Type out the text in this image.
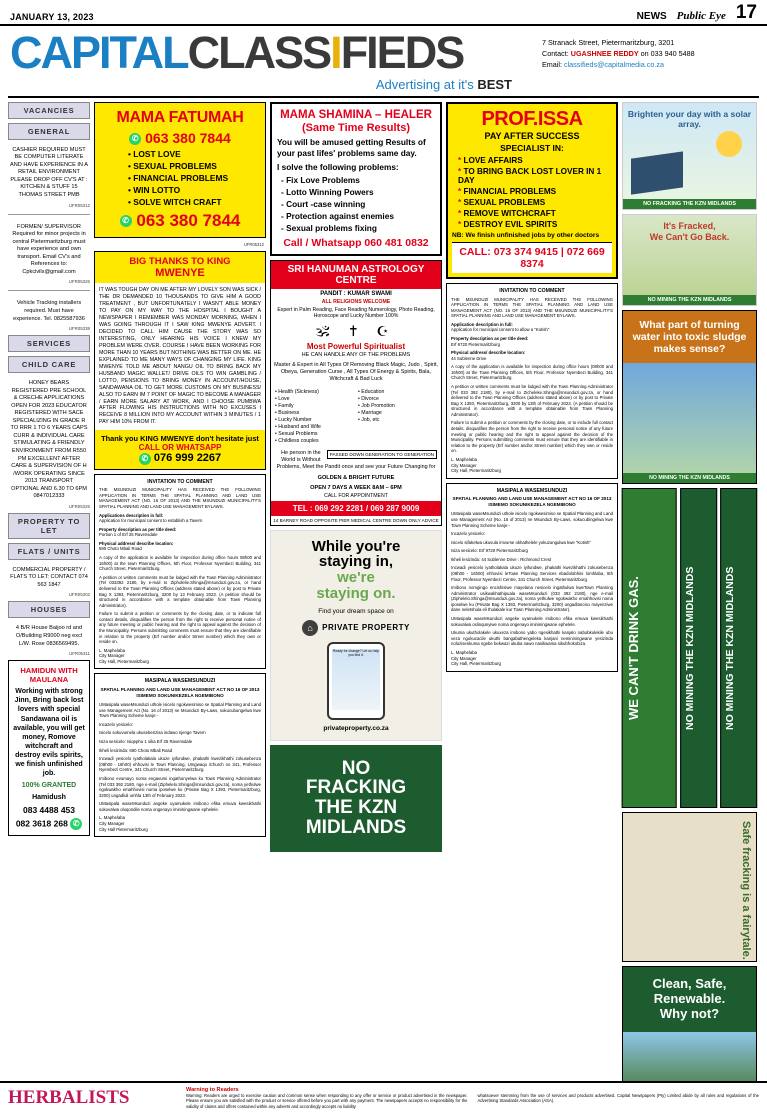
JANUARY 13, 2023	NEWS Public Eye 17
CAPITALCLASSIFIEDS
Advertising at it's BEST
7 Stranack Street, Pietermaritzburg, 3201
Contact: UGASHNEE REDDY on 033 940 5488
Email: classifieds@capitalmedia.co.za
VACANCIES
GENERAL
CASHIER REQUIRED MUST BE COMPUTER LITERATE AND HAVE EXPERIENCE IN A RETAIL ENVIRONMENT PLEASE DROP OFF CV'S AT : KITCHEN & STUFF 15 THOMAS STREET PMB
UFR05312
FORMEN/ SUPERVISOR Required for minor projects in central Pietermaritzburg must have experience and own transport. Email CV's and References to: Cpkcivils@gmail.com
UFR05326
Vehicle Tracking installers required. Must have experience. Tel. 0825587936
UFR05338
SERVICES
CHILD CARE
HONEY BEARS REGISTERED PRE SCHOOL & CRECHE APPLICATIONS OPEN FOR 2023 EDUCATOR REGISTERED WITH SACE SPECIALIZING IN GRADE R TO RRR 1 TO 6 YEARS CAPS CURR & INDIVIDUAL CARE STIMULATING & FRIENDLY ENVIRONMENT FROM R550 PM EXCELLENT AFTER CARE & SUPERVISION OF H /WORK OPERATING SINCE 2013 TRANSPORT OPTIONAL AND 6.30 TO 6PM 0847012333
UFR05325
PROPERTY TO LET
FLATS / UNITS
COMMERCIAL PROPERTY / FLATS TO LET: CONTACT 074 563 1847
UFR05302
HOUSES
4 B/R House Baijoo rd and O/Building R9000 neg excl L/W. Rose 0836569495.
UFR05311
HAMIDUN WITH MAULANA

Working with strong Jinn, Bring back lost lovers with special Sandawana oil is available, you will get money, Romove witchcraft and destroy evils spirits, we finish unfinished job.

100% GRANTED

Hamidush

083 4488 453
082 3618 268 ✆
MAMA FATUMAH
✆ 063 380 7844
• LOST LOVE
• SEXUAL PROBLEMS
• FINANCIAL PROBLEMS
• WIN LOTTO
• SOLVE WITCH CRAFT
✆ 063 380 7844
UFR05312
BIG THANKS TO KING
MWENYE
IT WAS TOUGH DAY ON ME AFTER MY LOVELY SON WAS SICK / THE DR DEMANDED 10 THOUSANDS TO GIVE HIM A GOOD TREATMENT , BUT UNFORTUNATELY I WASN'T ABLE MONEY TO PAY ON MY WAY TO THE HOSPITAL I BOUGHT A NEWSPAPER I REMEMBER WAS MONDAY MORNING, WHEN I WAS GOING THROUGH IT I SAW KING MWENYE ADVERT. I DECIDED TO CALL HIM CAUSE THE STORY WAS SO INTERESTING, ONLY HEARING HIS VOICE I KNEW MY PROBLEM WERE OVER. COURSE I HAVE BEEN WORKING FOR MORE THAN 10 YEARS BUT NOTHING WAS BETTER ON ME. HE EXPLAINED TO ME MANY WAYS OF CHANGING MY LIFE. KING MWENYE TOLD ME ABOUT NANGU OIL TO BRING BACK MY HUSBAND MAGIC WALLET/ DRIVE OILS TO WIN GAMBLING / LOTTO, PENSIONS TO BRING MONEY IN ACCOUNT/HOUSE, SANDAWANA OIL TO GET MORE CUSTOMS ON MY BUSINESS/ ALSO TO EARN IM 7 POINT OF MAGIC TO BECOME A MANAGER / EARN MORE SALARY AT WORK, AND I CHOOSE PUMBWA AFTER FLOWING HIS INSTRUCTIONS WITH NO EXCUSES I RECEIVE 8 MILLION INTO MY ACCOUNT WITHIN 3 MINUTES / 1 PAY HIM 10% FROM IT.
Thank you KING MWENYE don't hesitate just
CALL OR WHATSAPP
✆ 076 999 2267
INVITATION TO COMMENT

THE MSUNDUZI MUNICIPALITY HAS RECEIVED THE FOLLOWING APPLICATION IN TERMS THE SPATIAL PLANNING AND LAND USE MANAGEMENT ACT (NO. 16 OF 2013) AND THE MSUNDUZI MUNICIPALITY'S SPATIAL PLANNING AND LAND USE MANAGEMENT BYLAWS.

Applications description in full:
Application for municipal consent to establish a Tavern

Property description as per title deed:
Portion 1 of Erf 25 Ravensdale

Physical address/ describe location:
690 Choto Mbali Road

A copy of the application is available for inspection during office hours 08h00 and 16h00) at the town Planning Offices, 5th Floor, Professor Nyembezi Building, 341 Church Street, Pietermaritzburg.

A petition or written comments must be lodged with the Town Planning Administrator (Tel 033392 2180, by e-mail to Zipholelie.Shinga@msunduzi.gov.za, or hand delivered to the Town Planning Offices (address stated above) or by post to Private Bag X 1393, Pietermaritzburg, 3200 by 13 February 2023. (A petition should be structured in accordance with a template obtainable from Town Planning Administrator).

Failure to submit a petition or comments by the closing date, or to indicate full contact details, disqualifies the person from the right to receive personal notice of any future meeting or public hearing and the right to appeal against the decision of the Municipality. Persons submitting comments must ensure that they are identifiable in relation to the property (Erf number and/or Street number) which they own or reside on.

L. Maphelaba
City Manager
City Hall, Pietermaritzburg
MASIPALA WASEMSUNDUZI
SPATIAL PLANNING AND LAND USE MANAGEMENT ACT NO 16 OF 2013 ISIMEMO SOKUNIKEZELA NGEMIBONO

UMasipala waseMsunduzi uthole isicelo ngokwesimiso se Spatial Planning and Land use Management Act (No. 16 of 2013) ne Msunduzi By-Laws, sokucubungelwa kwe Town Planning Scheme kanje:-

Incazelo yesicelo:

Isicelo sokuvumela ukusebenzisa indawo njenge Tavern

Isiza sesicelo: Isiqephu 1 sika Erf 25 Ravensdale

Ikheli lesizinda: 690 Choto Mbali Road

Incwadi yesicelo iyatholakala ukuze iyifundwe, phakathi kwezikhathi zokusebenza (08h00 - 16h00) ehhovisi le Town Planning, Umgwaqo iChurch no 341, Professor Nyembezi Centre, 341 Church Street, Pietermaritzburg.

Imibono evumayo noma engavumi ingathunyelwa ku Town Planning Administrator (Tel 033 392 2180, nge e-mail (Ziphelelo.Shinga@msunduzi.gov.za), noma yethulwe ngokwakho emahhovisi noma iposelwe ku (Private Bag X 1393, Pietermaritzburg, 3200) ungadluli umhla 13th of February 2023.

UMasipala waseMsunduzi angeke uyamukele imibono efika emuva kwesikhathi sokuvalwa oluqondile noma ongenayo imininingwane ephelele.

L. Maphelaba
City Manager
City Hall Pietermaritzburg
MAMA SHAMINA – HEALER
(Same Time Results)

You will be amused getting Results of your past lifes' problems same day.

I solve the following problems:

- Fix Love Problems
- Lotto Winning Powers
- Court -case winning
- Protection against enemies
- Sexual problems fixing
Call / Whatsapp 060 481 0832
SRI HANUMAN ASTROLOGY CENTRE
PANDIT : KUMAR SWAMI
ALL RELIGIONS WELCOME
Expert in Palm Reading, Face Reading Numerology, Photo Reading, Horoscope and Lucky Number 100%
🕉 ✝ ☪
Most Powerful Spiritualist
HE CAN HANDLE ANY OF THE PROBLEMS
Master & Expert in All Types Of Removing Black Magic, Judo , Spirit, Obeya, Generation Curse , All Types Of Energy & Spirits, Bala, Witchcraft & Bad Luck
• Health (Sickness)
• Love
• Family
• Business
• Lucky Number
• Husband and Wife
• Sexual Problems
• Childless couples
• Education
• Divorce
• Job Promotion
• Marriage
• Job, etc
PASSED DOWN GENERATION TO GENERATION
He person in the World is Without Problems, Meet the Pandit once and see your Future Changing for
GOLDEN & BRIGHT FUTURE
OPEN 7 DAYS A WEEK 8AM – 6PM
CALL FOR APPOINTMENT
TEL : 069 292 2281 / 069 287 9009
14 BARNEY ROAD OPPOSITE PIER MEDICAL CENTRE DOWN ONLY ADVICE
While you're
staying in,
we're
staying on.
Find your dream space on
⌂	PRIVATE PROPERTY
Ready for change? Let us help you find it.
privateproperty.co.za
NO
FRACKING
THE KZN
MIDLANDS
PROF.ISSA
PAY AFTER SUCCESS
SPECIALIST IN:
* LOVE AFFAIRS
* TO BRING BACK LOST LOVER IN 1 DAY
* FINANCIAL PROBLEMS
* SEXUAL PROBLEMS
* REMOVE WITCHCRAFT
* DESTROY EVIL SPIRITS
NB: We finish unfinished jobs by other doctors
CALL: 073 374 9415 | 072 669 8374
INVITATION TO COMMENT

THE MSUNDUZI MUNICIPALITY HAS RECEIVED THE FOLLOWING APPLICATION IN TERMS THE SPATIAL PLANNING AND LAND USE MANAGEMENT ACT (NO. 16 OF 2013) AND THE MSUNDUZI MUNICIPALITY'S SPATIAL PLANNING AND LAND USE MANAGEMENT BYLAWS.

Application description in full:
Application for municipal consent to allow a "Kotish"

Property description as per title deed:
Erf 9720 Pietermaritzburg

Physical address/ describe location:
44 Sublenne Drive

A copy of the application is available for inspection during office hours (08h00 and 16h00) at the Town Planning Offices, 5th Floor, Professor Nyembezi Building, 341 Church Street, Pietermaritzburg.

A petition or written comments must be lodged with the Town Planning Administrator (Tel 033 392 2180), by e-mail to Zicheleke.Shinga@msunduzi.gov.za, or hand delivered to the Town Planning Offices (address stated above) or by post to Private Bag X 1393, Pietermaritzburg, 3200 by 13th of February 2023. (A petition should be structured in accordance with a template obtainable from Town Planning Administrator).

Failure to submit a petition or comments by the closing date, or to include full contact details, disqualifies the person from the right to receive personal notice of any future meeting or public hearing and the right to appeal against the decision of the Municipality. Persons submitting comments must ensure that they are identifiable in relation to the property (Erf number and/or Street number) which they own or reside on.

L. Maphelaba
City Manager
City Hall, Pietermaritzburg
MASIPALA WASEMSUNDUZI
SPATIAL PLANNING AND LAND USE MANAGEMENT ACT NO 16 OF 2013 ISIMEMO SOKUNIKEZELA NGEMIBONO

UMasipala waseMsunduzi uthole isicelo ngokwesimiso se Spatial Planning and Land use Management Act (No. 16 of 2013) ne Msunduzi By-Laws, sokucubingelwa kwe Town Planning Scheme kanje:-

Incazelo yesicelo:

Isicelo sifakelwa ukuvula imvume okhathelele yokuzungulwa kwe "Kotish"

Isiza sesicelo: Erf 9720 Pietermaritzburg

Ikheli lesizinda: 44 Sublenne Drive : Richmond Crest

Incwadi yesicelo iyatholakala ukuze iyifundwe, phakathi kwezikhathi zokusebenza (08h00 - 16h00) ehhovisi leTown Planning Services ebadolobhini lomhlaba, 5th Floor, Professor Nyembezi Centre, 341 Church Street, Pietermaritzburg.

Imibono nomgingo encishisiwe mayelana nesicelo ingathulwa kweTown Planning Administrator usikwakhathipuala waseMsunduzi (033 392 2180), nge e-mail (Ziphelelo.Shinga@msunduzi.gov.za), noma yethulwe ngokwakho emahhovisi noma iposelwe ku (Private Bag X 1393, Pietermaritzburg, 3200) ungadlanciso mayenziwe dane neletshula eli thulakale kur Town Planning Administrator).

UMasipala waseMsunduzi angeke uyamukele imibono efika emuva kwesikhathi sokuvalwa oslinqunyiwe noma ongenayo imininingwane ephelele.

Ukuma ukutholakele ukuxeza imibono yabo ngesikhathi kanjalo nabobkulekile ubu veza ngokucacile ukuthi bangabathengeleka kanjani nemininingwane yesizinda noluzisenkuma ngebe bekwazi ukuba nawo nasikwama sikubhokobiza.

L. Maphelaba
City Manager
City Hall, Pietermaritzburg
Brighten your day with a solar array.
NO FRACKING THE KZN MIDLANDS
It's Fracked,
We Can't Go Back.
NO MINING THE KZN MIDLANDS
What part of turning water into toxic sludge makes sense?
NO MINING THE KZN MIDLANDS
WE CAN'T DRINK GAS.	NO MINING THE KZN MIDLANDS	NO MINING THE KZN MIDLANDS
Safe fracking is a fairytale.
Clean, Safe, Renewable.
Why not?
HERBALISTS	Warning to Readers

Warning: Readers are urged to exercise caution and common sense when responding to any offer or service or product advertised in the newspaper. Please ensure you are satisfied with the product or service offered before you part with any payment. The newspapers accepts no responsibility for the validity of claims and offers contained within any adverts and accordingly accepts no liability

whatsoever stemming from the use of services and products advertised. Capital Newspapers (Pty) Limited abide by all rules and regulations of the Advertising Standards Association (ASA).
